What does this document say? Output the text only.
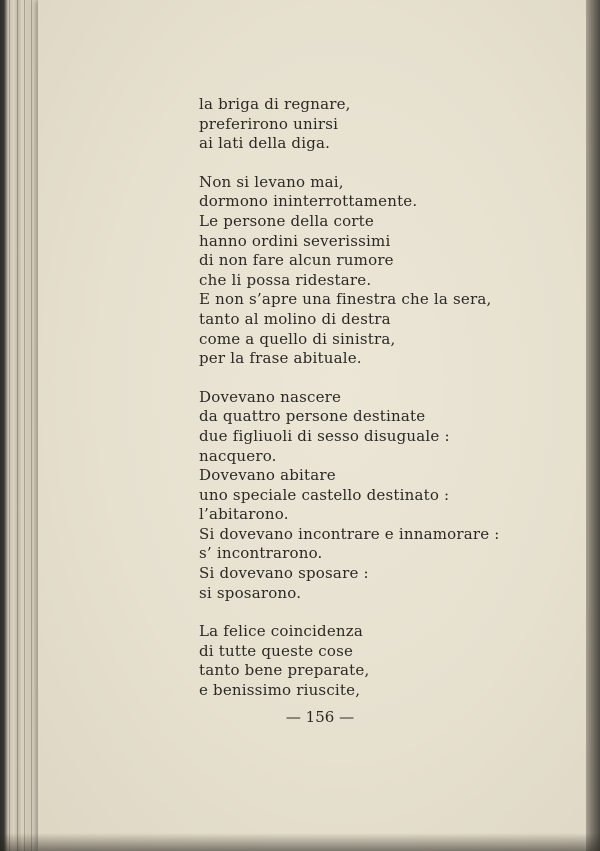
la briga di regnare,
preferirono unirsi
ai lati della diga.
Non si levano mai,
dormono ininterrottamente.
Le persone della corte
hanno ordini severissimi
di non fare alcun rumore
che li possa ridestare.
E non s’apre una finestra che la sera,
tanto al molino di destra
come a quello di sinistra,
per la frase abituale.
Dovevano nascere
da quattro persone destinate
due figliuoli di sesso disuguale :
nacquero.
Dovevano abitare
uno speciale castello destinato :
l’abitarono.
Si dovevano incontrare e innamorare :
s’ incontrarono.
Si dovevano sposare :
si sposarono.
La felice coincidenza
di tutte queste cose
tanto bene preparate,
e benissimo riuscite,
— 156 —
